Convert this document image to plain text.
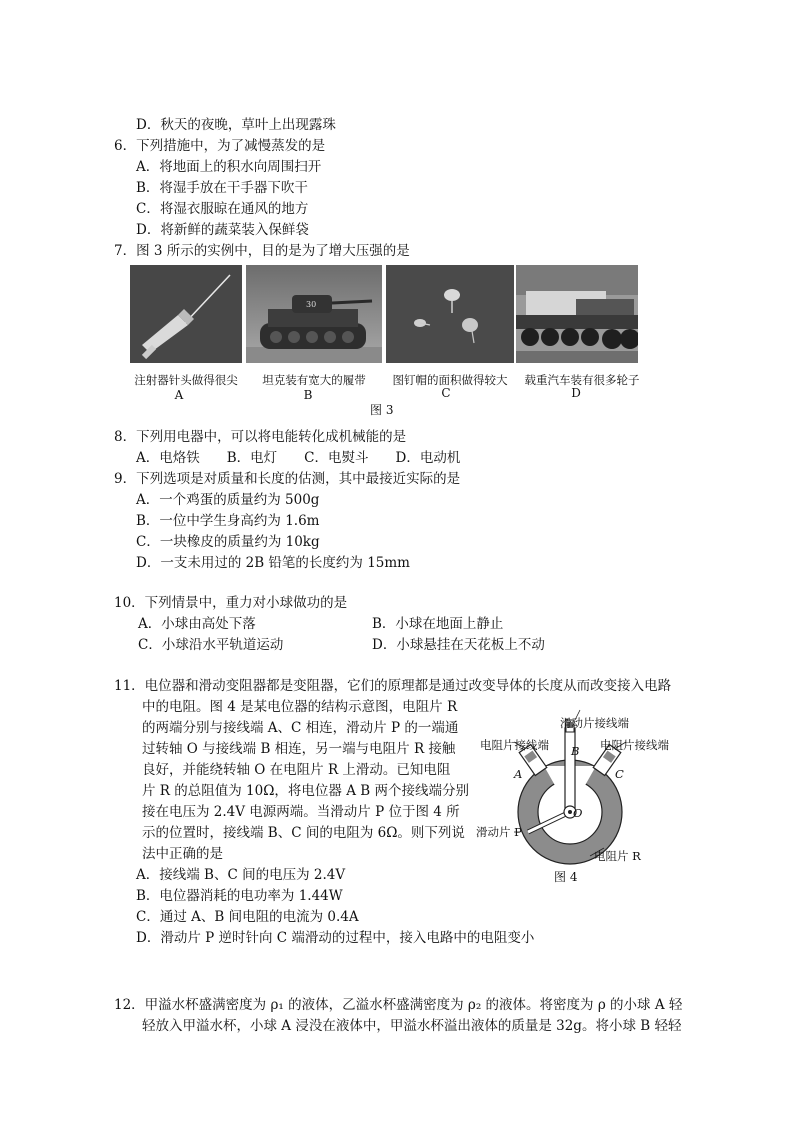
D．秋天的夜晚，草叶上出现露珠
6．下列措施中，为了减慢蒸发的是
A．将地面上的积水向周围扫开
B．将湿手放在干手器下吹干
C．将湿衣服晾在通风的地方
D．将新鲜的蔬菜装入保鲜袋
7．图 3 所示的实例中，目的是为了增大压强的是
30
注射器针头做得很尖	坦克装有宽大的履带	图钉帽的面积做得较大 载重汽车装有很多轮子
A	B	C	D
图 3
8．下列用电器中，可以将电能转化成机械能的是
A．电烙铁　　B．电灯　　C．电熨斗　　D．电动机
9．下列选项是对质量和长度的估测，其中最接近实际的是
A．一个鸡蛋的质量约为 500g
B．一位中学生身高约为 1.6m
C．一块橡皮的质量约为 10kg
D．一支未用过的 2B 铅笔的长度约为 15mm
10．下列情景中，重力对小球做功的是
A．小球由高处下落	B．小球在地面上静止
C．小球沿水平轨道运动	D．小球悬挂在天花板上不动
11．电位器和滑动变阻器都是变阻器，它们的原理都是通过改变导体的长度从而改变接入电路
中的电阻。图 4 是某电位器的结构示意图，电阻片 R
的两端分别与接线端 A、C 相连，滑动片 P 的一端通
过转轴 O 与接线端 B 相连，另一端与电阻片 R 接触
良好，并能绕转轴 O 在电阻片 R 上滑动。已知电阻
片 R 的总阻值为 10Ω，将电位器 A B 两个接线端分别
接在电压为 2.4V 电源两端。当滑动片 P 位于图 4 所
示的位置时，接线端 B、C 间的电阻为 6Ω。则下列说
法中正确的是
A．接线端 B、C 间的电压为 2.4V
B．电位器消耗的电功率为 1.44W
C．通过 A、B 间电阻的电流为 0.4A
D．滑动片 P 逆时针向 C 端滑动的过程中，接入电路中的电阻变小
滑动片接线端
电阻片接线端	电阻片接线端
B
A	C
O
滑动片 P
电阻片 R
图 4
12．甲溢水杯盛满密度为 ρ₁ 的液体，乙溢水杯盛满密度为 ρ₂ 的液体。将密度为 ρ 的小球 A 轻
轻放入甲溢水杯，小球 A 浸没在液体中，甲溢水杯溢出液体的质量是 32g。将小球 B 轻轻
